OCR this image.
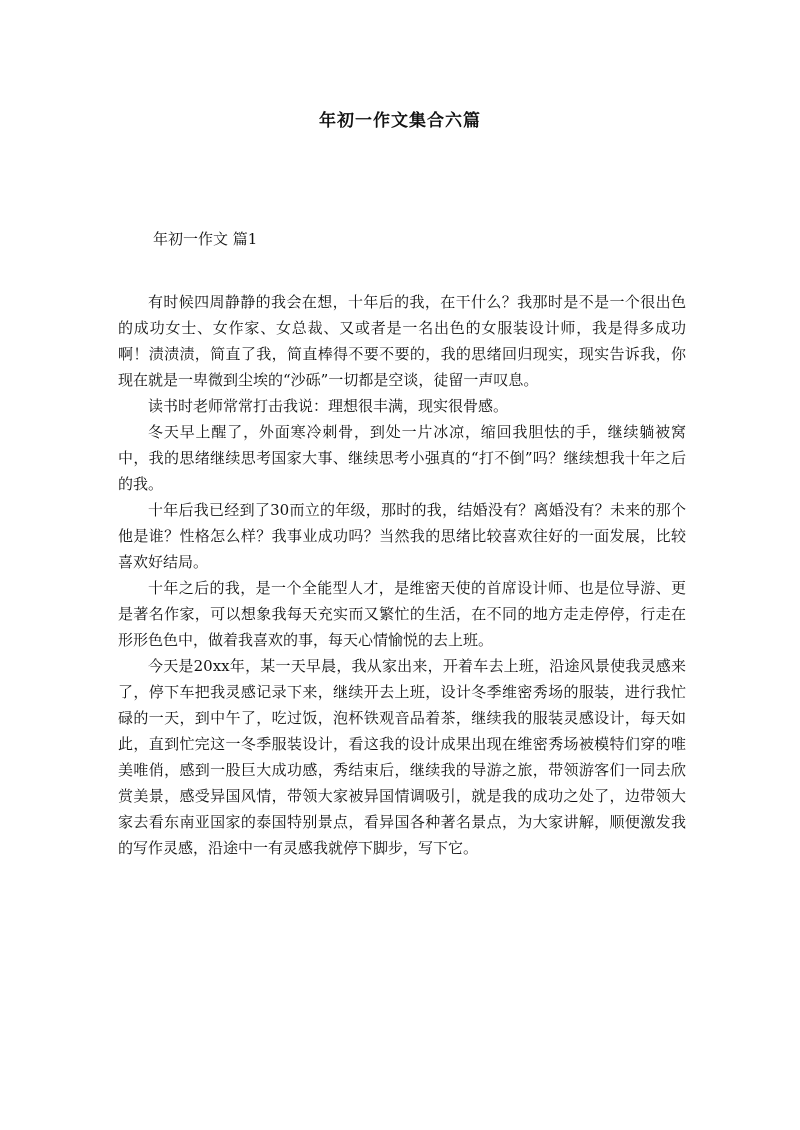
年初一作文集合六篇
年初一作文 篇1

有时候四周静静的我会在想，十年后的我，在干什么？我那时是不是一个很出色的成功女士、女作家、女总裁、又或者是一名出色的女服装设计师，我是得多成功啊！渍渍渍，简直了我，简直棒得不要不要的，我的思绪回归现实，现实告诉我，你现在就是一卑微到尘埃的“沙砾”一切都是空谈，徒留一声叹息。

读书时老师常常打击我说：理想很丰满，现实很骨感。

冬天早上醒了，外面寒冷刺骨，到处一片冰凉，缩回我胆怯的手，继续躺被窝中，我的思绪继续思考国家大事、继续思考小强真的“打不倒”吗？继续想我十年之后的我。

十年后我已经到了30而立的年级，那时的我，结婚没有？离婚没有？未来的那个他是谁？性格怎么样？我事业成功吗？当然我的思绪比较喜欢往好的一面发展，比较喜欢好结局。

十年之后的我，是一个全能型人才，是维密天使的首席设计师、也是位导游、更是著名作家，可以想象我每天充实而又繁忙的生活，在不同的地方走走停停，行走在形形色色中，做着我喜欢的事，每天心情愉悦的去上班。

今天是20xx年，某一天早晨，我从家出来，开着车去上班，沿途风景使我灵感来了，停下车把我灵感记录下来，继续开去上班，设计冬季维密秀场的服装，进行我忙碌的一天，到中午了，吃过饭，泡杯铁观音品着茶，继续我的服装灵感设计，每天如此，直到忙完这一冬季服装设计，看这我的设计成果出现在维密秀场被模特们穿的唯美唯俏，感到一股巨大成功感，秀结束后，继续我的导游之旅，带领游客们一同去欣赏美景，感受异国风情，带领大家被异国情调吸引，就是我的成功之处了，边带领大家去看东南亚国家的泰国特别景点，看异国各种著名景点，为大家讲解，顺便激发我的写作灵感，沿途中一有灵感我就停下脚步，写下它。
